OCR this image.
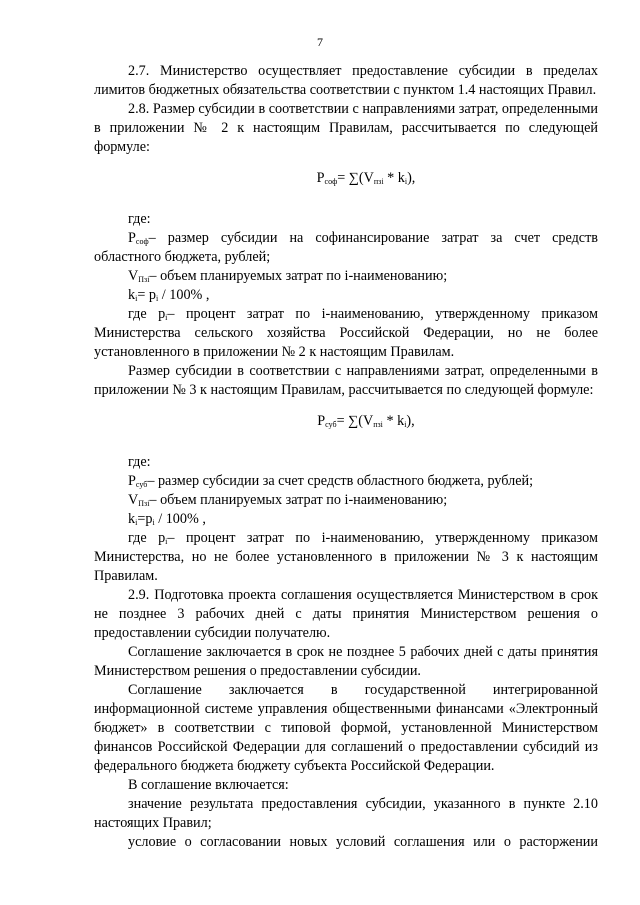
7

2.7. Министерство осуществляет предоставление субсидии в пределах лимитов бюджетных обязательства соответствии с пунктом 1.4 настоящих Правил.

2.8. Размер субсидии в соответствии с направлениями затрат, определенными в приложении № 2 к настоящим Правилам, рассчитывается по следующей формуле:

$P_{соф}= \sum(V_{пзi} * k_i)$,

где:

$P_{соф}-$ размер субсидии на софинансирование затрат за счет средств областного бюджета, рублей;

$V_{Пзi}-$ объем планируемых затрат по i-наименованию;

$k_i= p_i / 100\%$ ,

где $p_i-$ процент затрат по i-наименованию, утвержденному приказом Министерства сельского хозяйства Российской Федерации, но не более установленного в приложении № 2 к настоящим Правилам.

Размер субсидии в соответствии с направлениями затрат, определенными в приложении № 3 к настоящим Правилам, рассчитывается по следующей формуле:

$P_{суб}= \sum(V_{пзi} * k_i)$,

где:

$P_{суб}-$ размер субсидии за счет средств областного бюджета, рублей;

$V_{Пзi}-$ объем планируемых затрат по i-наименованию;

$k_i=p_i / 100\%$ ,

где $p_i-$ процент затрат по i-наименованию, утвержденному приказом Министерства, но не более установленного в приложении № 3 к настоящим Правилам.

2.9. Подготовка проекта соглашения осуществляется Министерством в срок не позднее 3 рабочих дней с даты принятия Министерством решения о предоставлении субсидии получателю.

Соглашение заключается в срок не позднее 5 рабочих дней с даты принятия Министерством решения о предоставлении субсидии.

Соглашение заключается в государственной интегрированной информационной системе управления общественными финансами «Электронный бюджет» в соответствии с типовой формой, установленной Министерством финансов Российской Федерации для соглашений о предоставлении субсидий из федерального бюджета бюджету субъекта Российской Федерации.

В соглашение включается:

значение результата предоставления субсидии, указанного в пункте 2.10 настоящих Правил;

условие о согласовании новых условий соглашения или о расторжении
